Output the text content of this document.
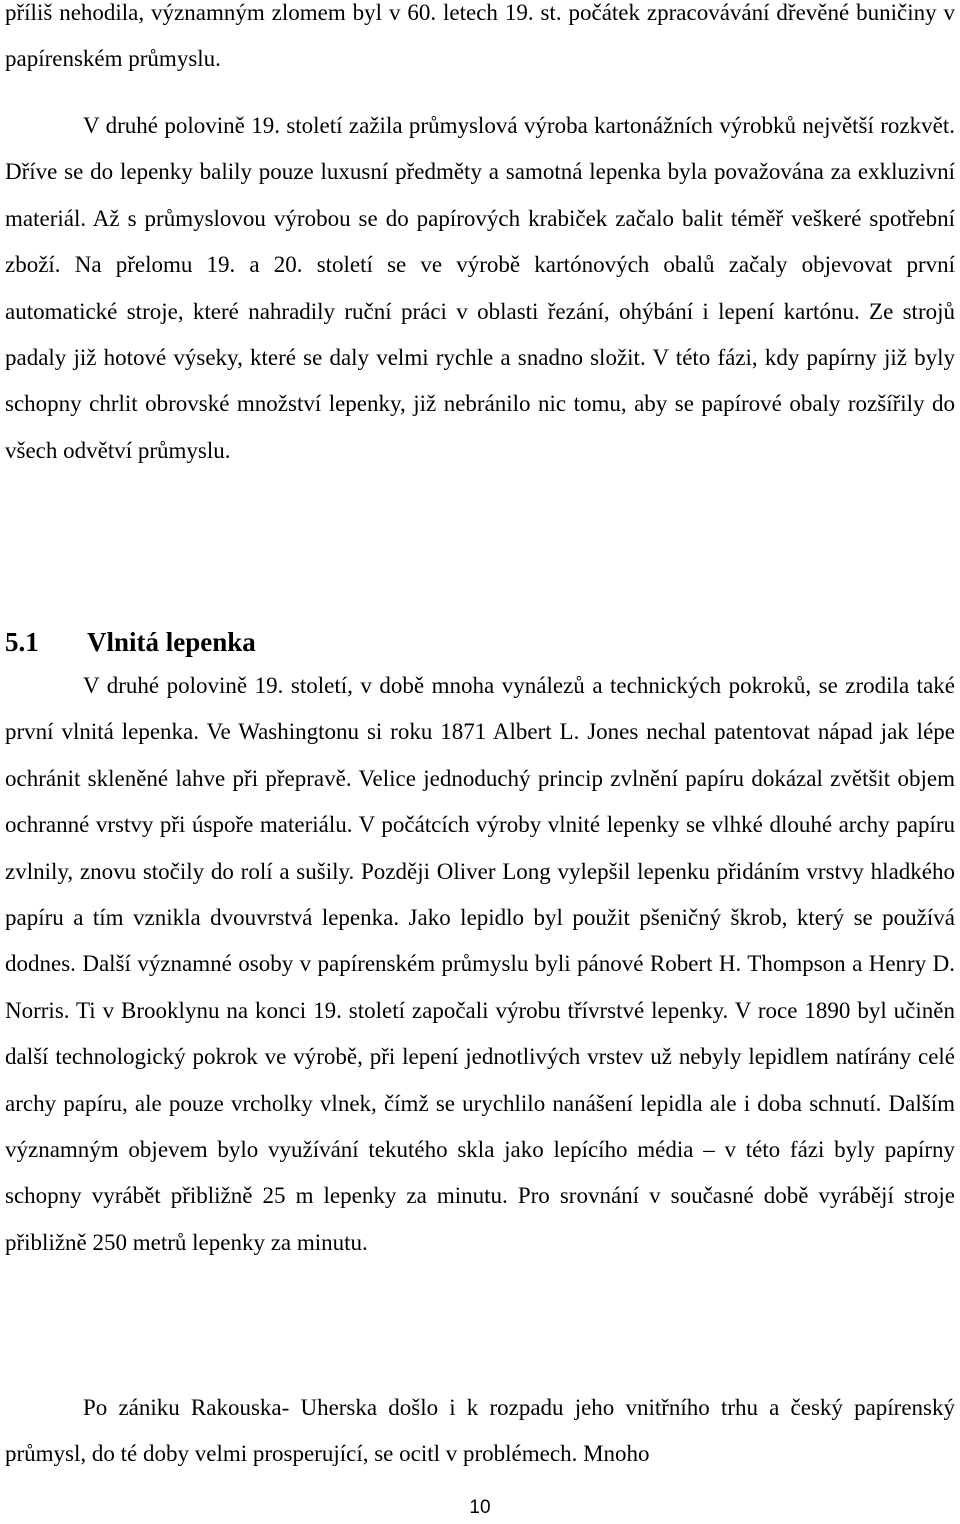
příliš nehodila, významným zlomem byl v 60. letech 19. st. počátek zpracovávání dřevěné buničiny v papírenském průmyslu.

V druhé polovině 19. století zažila průmyslová výroba kartonážních výrobků největší rozkvět. Dříve se do lepenky balily pouze luxusní předměty a samotná lepenka byla považována za exkluzivní materiál. Až s průmyslovou výrobou se do papírových krabiček začalo balit téměř veškeré spotřební zboží. Na přelomu 19. a 20. století se ve výrobě kartónových obalů začaly objevovat první automatické stroje, které nahradily ruční práci v oblasti řezání, ohýbání i lepení kartónu. Ze strojů padaly již hotové výseky, které se daly velmi rychle a snadno složit. V této fázi, kdy papírny již byly schopny chrlit obrovské množství lepenky, již nebránilo nic tomu, aby se papírové obaly rozšířily do všech odvětví průmyslu.

5.1 Vlnitá lepenka

V druhé polovině 19. století, v době mnoha vynálezů a technických pokroků, se zrodila také první vlnitá lepenka. Ve Washingtonu si roku 1871 Albert L. Jones nechal patentovat nápad jak lépe ochránit skleněné lahve při přepravě. Velice jednoduchý princip zvlnění papíru dokázal zvětšit objem ochranné vrstvy při úspoře materiálu. V počátcích výroby vlnité lepenky se vlhké dlouhé archy papíru zvlnily, znovu stočily do rolí a sušily. Později Oliver Long vylepšil lepenku přidáním vrstvy hladkého papíru a tím vznikla dvouvrstvá lepenka. Jako lepidlo byl použit pšeničný škrob, který se používá dodnes. Další významné osoby v papírenském průmyslu byli pánové Robert H. Thompson a Henry D. Norris. Ti v Brooklynu na konci 19. století započali výrobu třívrstvé lepenky. V roce 1890 byl učiněn další technologický pokrok ve výrobě, při lepení jednotlivých vrstev už nebyly lepidlem natírány celé archy papíru, ale pouze vrcholky vlnek, čímž se urychlilo nanášení lepidla ale i doba schnutí. Dalším významným objevem bylo využívání tekutého skla jako lepícího média – v této fázi byly papírny schopny vyrábět přibližně 25 m lepenky za minutu. Pro srovnání v současné době vyrábějí stroje přibližně 250 metrů lepenky za minutu.

Po zániku Rakouska- Uherska došlo i k rozpadu jeho vnitřního trhu a český papírenský průmysl, do té doby velmi prosperující, se ocitl v problémech. Mnoho

10
